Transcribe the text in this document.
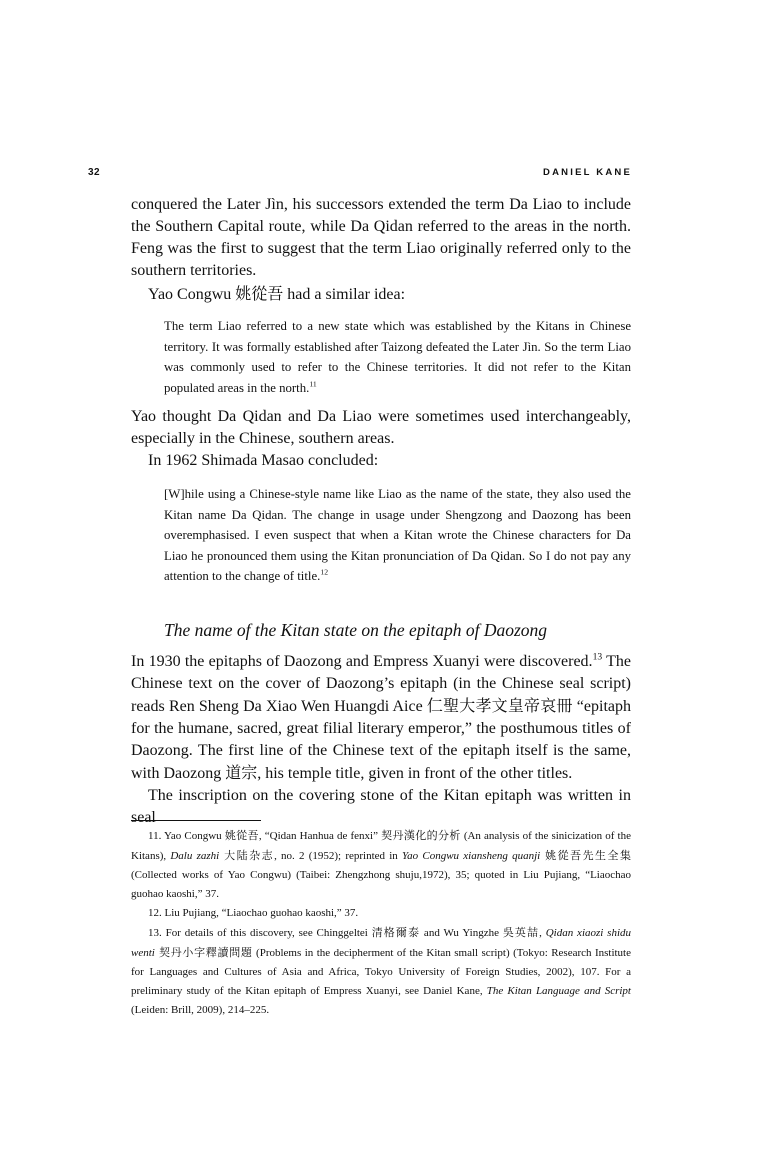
32	DANIEL KANE

conquered the Later Jìn, his successors extended the term Da Liao to include the Southern Capital route, while Da Qidan referred to the areas in the north. Feng was the first to suggest that the term Liao originally referred only to the southern territories.

Yao Congwu 姚從吾 had a similar idea:

The term Liao referred to a new state which was established by the Kitans in Chinese territory. It was formally established after Taizong defeated the Later Jìn. So the term Liao was commonly used to refer to the Chinese territories. It did not refer to the Kitan populated areas in the north.$^{11}$

Yao thought Da Qidan and Da Liao were sometimes used interchangeably, especially in the Chinese, southern areas.

In 1962 Shimada Masao concluded:

[W]hile using a Chinese-style name like Liao as the name of the state, they also used the Kitan name Da Qidan. The change in usage under Shengzong and Daozong has been overemphasised. I even suspect that when a Kitan wrote the Chinese characters for Da Liao he pronounced them using the Kitan pronunciation of Da Qidan. So I do not pay any attention to the change of title.$^{12}$
The name of the Kitan state on the epitaph of Daozong

In 1930 the epitaphs of Daozong and Empress Xuanyi were discovered.$^{13}$ The Chinese text on the cover of Daozong’s epitaph (in the Chinese seal script) reads Ren Sheng Da Xiao Wen Huangdi Aice 仁聖大孝文皇帝哀冊 “epitaph for the humane, sacred, great filial literary emperor,” the posthumous titles of Daozong. The first line of the Chinese text of the epitaph itself is the same, with Daozong 道宗, his temple title, given in front of the other titles.

The inscription on the covering stone of the Kitan epitaph was written in seal

11. Yao Congwu 姚從吾, “Qidan Hanhua de fenxi” 契丹漢化的分析 (An analysis of the sinicization of the Kitans), Dalu zazhi 大陆杂志, no. 2 (1952); reprinted in Yao Congwu xiansheng quanji 姚從吾先生全集 (Collected works of Yao Congwu) (Taibei: Zhengzhong shuju,1972), 35; quoted in Liu Pujiang, “Liaochao guohao kaoshi,” 37.

12. Liu Pujiang, “Liaochao guohao kaoshi,” 37.

13. For details of this discovery, see Chinggeltei 清格爾泰 and Wu Yingzhe 吳英喆, Qidan xiaozi shidu wenti 契丹小字釋讀問題 (Problems in the decipherment of the Kitan small script) (Tokyo: Research Institute for Languages and Cultures of Asia and Africa, Tokyo University of Foreign Studies, 2002), 107. For a preliminary study of the Kitan epitaph of Empress Xuanyi, see Daniel Kane, The Kitan Language and Script (Leiden: Brill, 2009), 214–225.
